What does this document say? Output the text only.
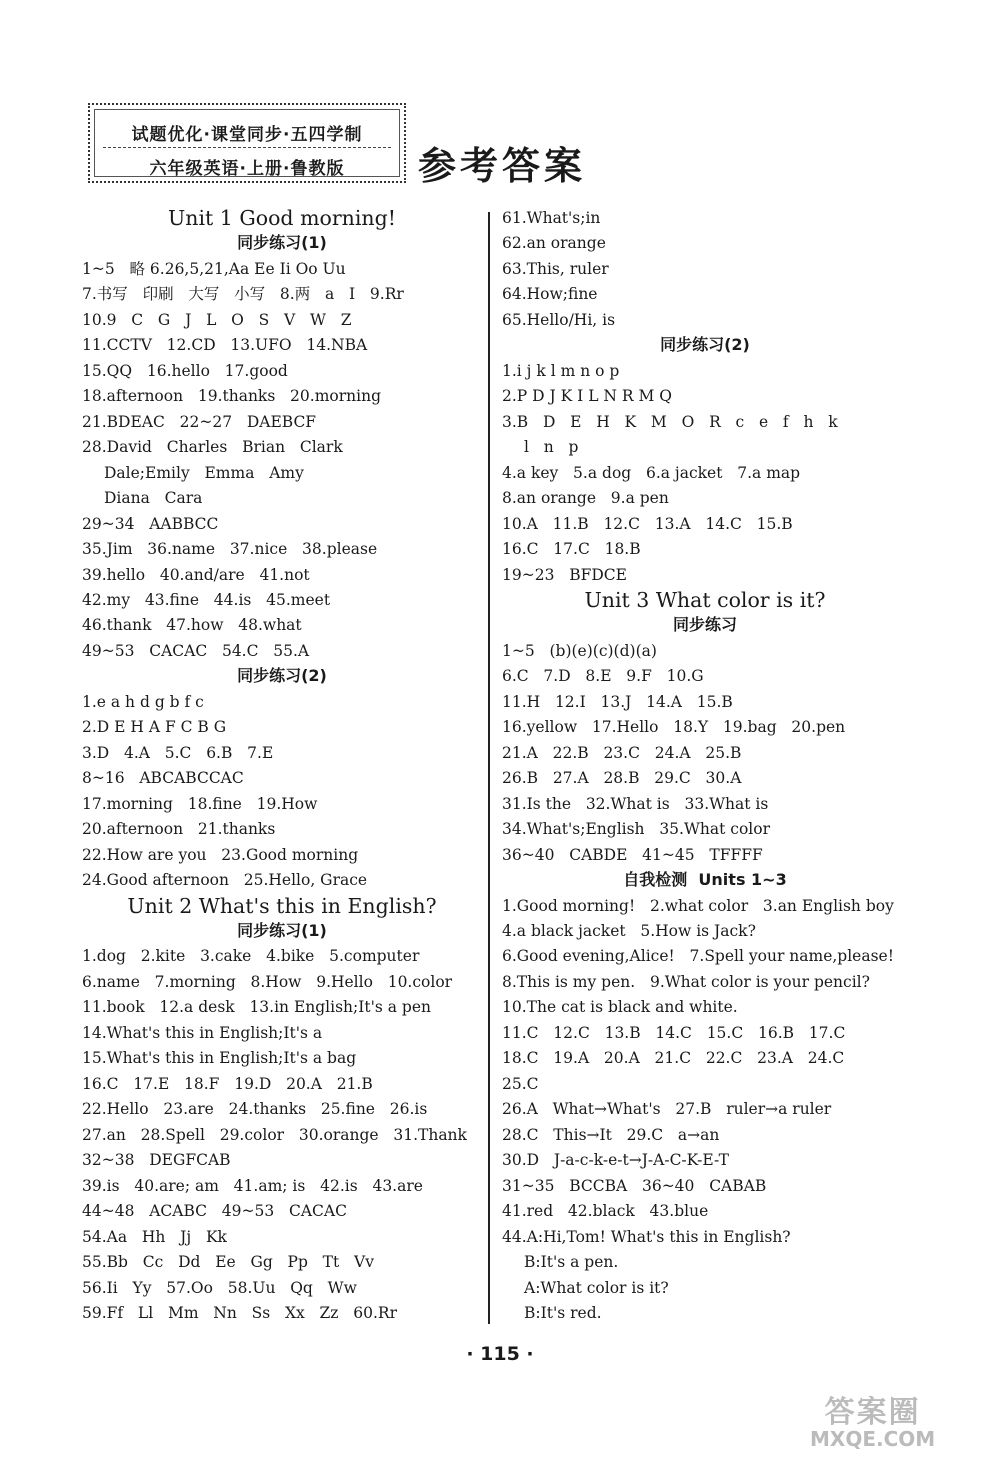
试题优化·课堂同步·五四学制
六年级英语·上册·鲁教版	参考答案
Unit 1 Good morning!
同步练习(1)
1~5   略 6.26,5,21,Aa Ee Ii Oo Uu
7.书写   印刷   大写   小写   8.两   a   I   9.Rr
10.9   C   G   J   L   O   S   V   W   Z
11.CCTV   12.CD   13.UFO   14.NBA
15.QQ   16.hello   17.good
18.afternoon   19.thanks   20.morning
21.BDEAC   22~27   DAEBCF
28.David   Charles   Brian   Clark
Dale;Emily   Emma   Amy
Diana   Cara
29~34   AABBCC
35.Jim   36.name   37.nice   38.please
39.hello   40.and/are   41.not
42.my   43.fine   44.is   45.meet
46.thank   47.how   48.what
49~53   CACAC   54.C   55.A
同步练习(2)
1.e a h d g b f c
2.D E H A F C B G
3.D   4.A   5.C   6.B   7.E
8~16   ABCABCCAC
17.morning   18.fine   19.How
20.afternoon   21.thanks
22.How are you   23.Good morning
24.Good afternoon   25.Hello, Grace
Unit 2 What's this in English?
同步练习(1)
1.dog   2.kite   3.cake   4.bike   5.computer
6.name   7.morning   8.How   9.Hello   10.color
11.book   12.a desk   13.in English;It's a pen
14.What's this in English;It's a
15.What's this in English;It's a bag
16.C   17.E   18.F   19.D   20.A   21.B
22.Hello   23.are   24.thanks   25.fine   26.is
27.an   28.Spell   29.color   30.orange   31.Thank
32~38   DEGFCAB
39.is   40.are; am   41.am; is   42.is   43.are
44~48   ACABC   49~53   CACAC
54.Aa   Hh   Jj   Kk
55.Bb   Cc   Dd   Ee   Gg   Pp   Tt   Vv
56.Ii   Yy   57.Oo   58.Uu   Qq   Ww
59.Ff   Ll   Mm   Nn   Ss   Xx   Zz   60.Rr
61.What's;in
62.an orange
63.This, ruler
64.How;fine
65.Hello/Hi, is
同步练习(2)
1.i j k l m n o p
2.P D J K I L N R M Q
3.B   D   E   H   K   M   O   R   c   e   f   h   k
l   n   p
4.a key   5.a dog   6.a jacket   7.a map
8.an orange   9.a pen
10.A   11.B   12.C   13.A   14.C   15.B
16.C   17.C   18.B
19~23   BFDCE
Unit 3 What color is it?
同步练习
1~5   (b)(e)(c)(d)(a)
6.C   7.D   8.E   9.F   10.G
11.H   12.I   13.J   14.A   15.B
16.yellow   17.Hello   18.Y   19.bag   20.pen
21.A   22.B   23.C   24.A   25.B
26.B   27.A   28.B   29.C   30.A
31.Is the   32.What is   33.What is
34.What's;English   35.What color
36~40   CABDE   41~45   TFFFF
自我检测  Units 1~3
1.Good morning!   2.what color   3.an English boy
4.a black jacket   5.How is Jack?
6.Good evening,Alice!   7.Spell your name,please!
8.This is my pen.   9.What color is your pencil?
10.The cat is black and white.
11.C   12.C   13.B   14.C   15.C   16.B   17.C
18.C   19.A   20.A   21.C   22.C   23.A   24.C
25.C
26.A   What→What's   27.B   ruler→a ruler
28.C   This→It   29.C   a→an
30.D   J-a-c-k-e-t→J-A-C-K-E-T
31~35   BCCBA   36~40   CABAB
41.red   42.black   43.blue
44.A:Hi,Tom! What's this in English?
B:It's a pen.
A:What color is it?
B:It's red.
· 115 ·
答案圈
MXQE.COM
